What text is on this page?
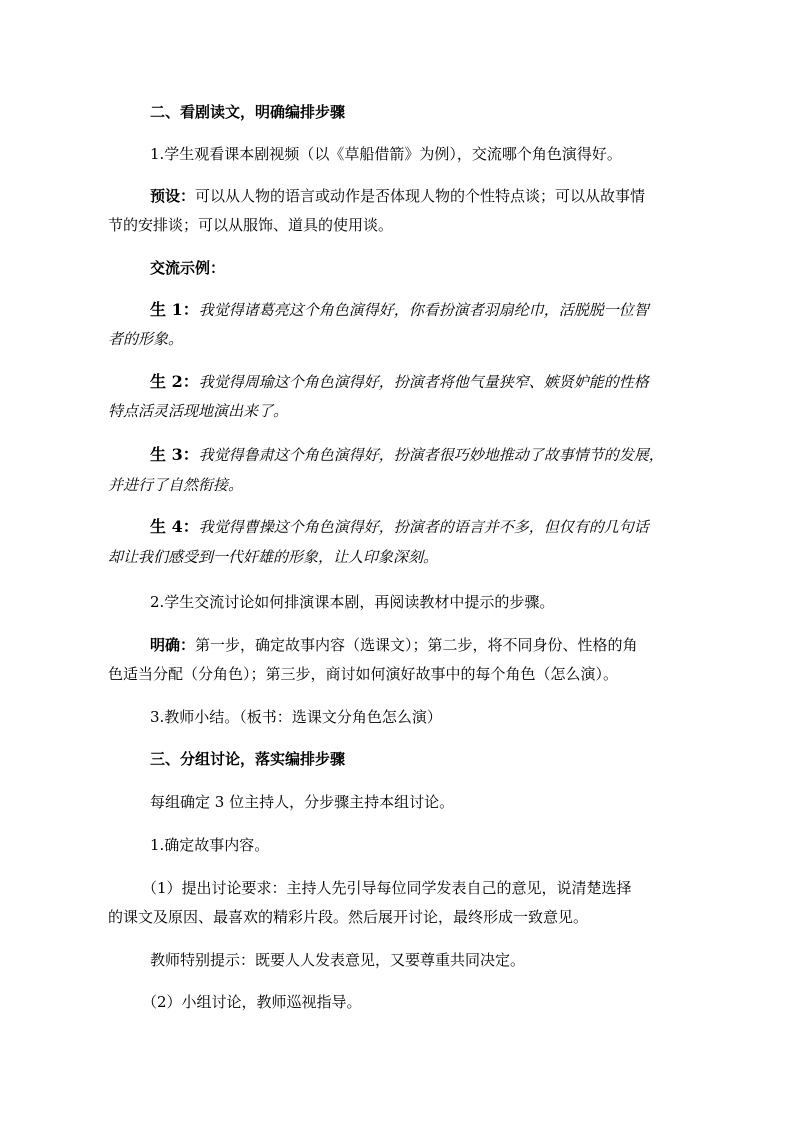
二、看剧读文，明确编排步骤
1.学生观看课本剧视频（以《草船借箭》为例），交流哪个角色演得好。
预设：可以从人物的语言或动作是否体现人物的个性特点谈；可以从故事情
节的安排谈；可以从服饰、道具的使用谈。
交流示例：
生 1：我觉得诸葛亮这个角色演得好，你看扮演者羽扇纶巾，活脱脱一位智
者的形象。
生 2：我觉得周瑜这个角色演得好，扮演者将他气量狭窄、嫉贤妒能的性格
特点活灵活现地演出来了。
生 3：我觉得鲁肃这个角色演得好，扮演者很巧妙地推动了故事情节的发展，
并进行了自然衔接。
生 4：我觉得曹操这个角色演得好，扮演者的语言并不多，但仅有的几句话
却让我们感受到一代奸雄的形象，让人印象深刻。
2.学生交流讨论如何排演课本剧，再阅读教材中提示的步骤。
明确：第一步，确定故事内容（选课文）；第二步，将不同身份、性格的角
色适当分配（分角色）；第三步，商讨如何演好故事中的每个角色（怎么演）。
3.教师小结。（板书：选课文分角色怎么演）
三、分组讨论，落实编排步骤
每组确定 3 位主持人，分步骤主持本组讨论。
1.确定故事内容。
（1）提出讨论要求：主持人先引导每位同学发表自己的意见，说清楚选择
的课文及原因、最喜欢的精彩片段。然后展开讨论，最终形成一致意见。
教师特别提示：既要人人发表意见，又要尊重共同决定。
（2）小组讨论，教师巡视指导。
